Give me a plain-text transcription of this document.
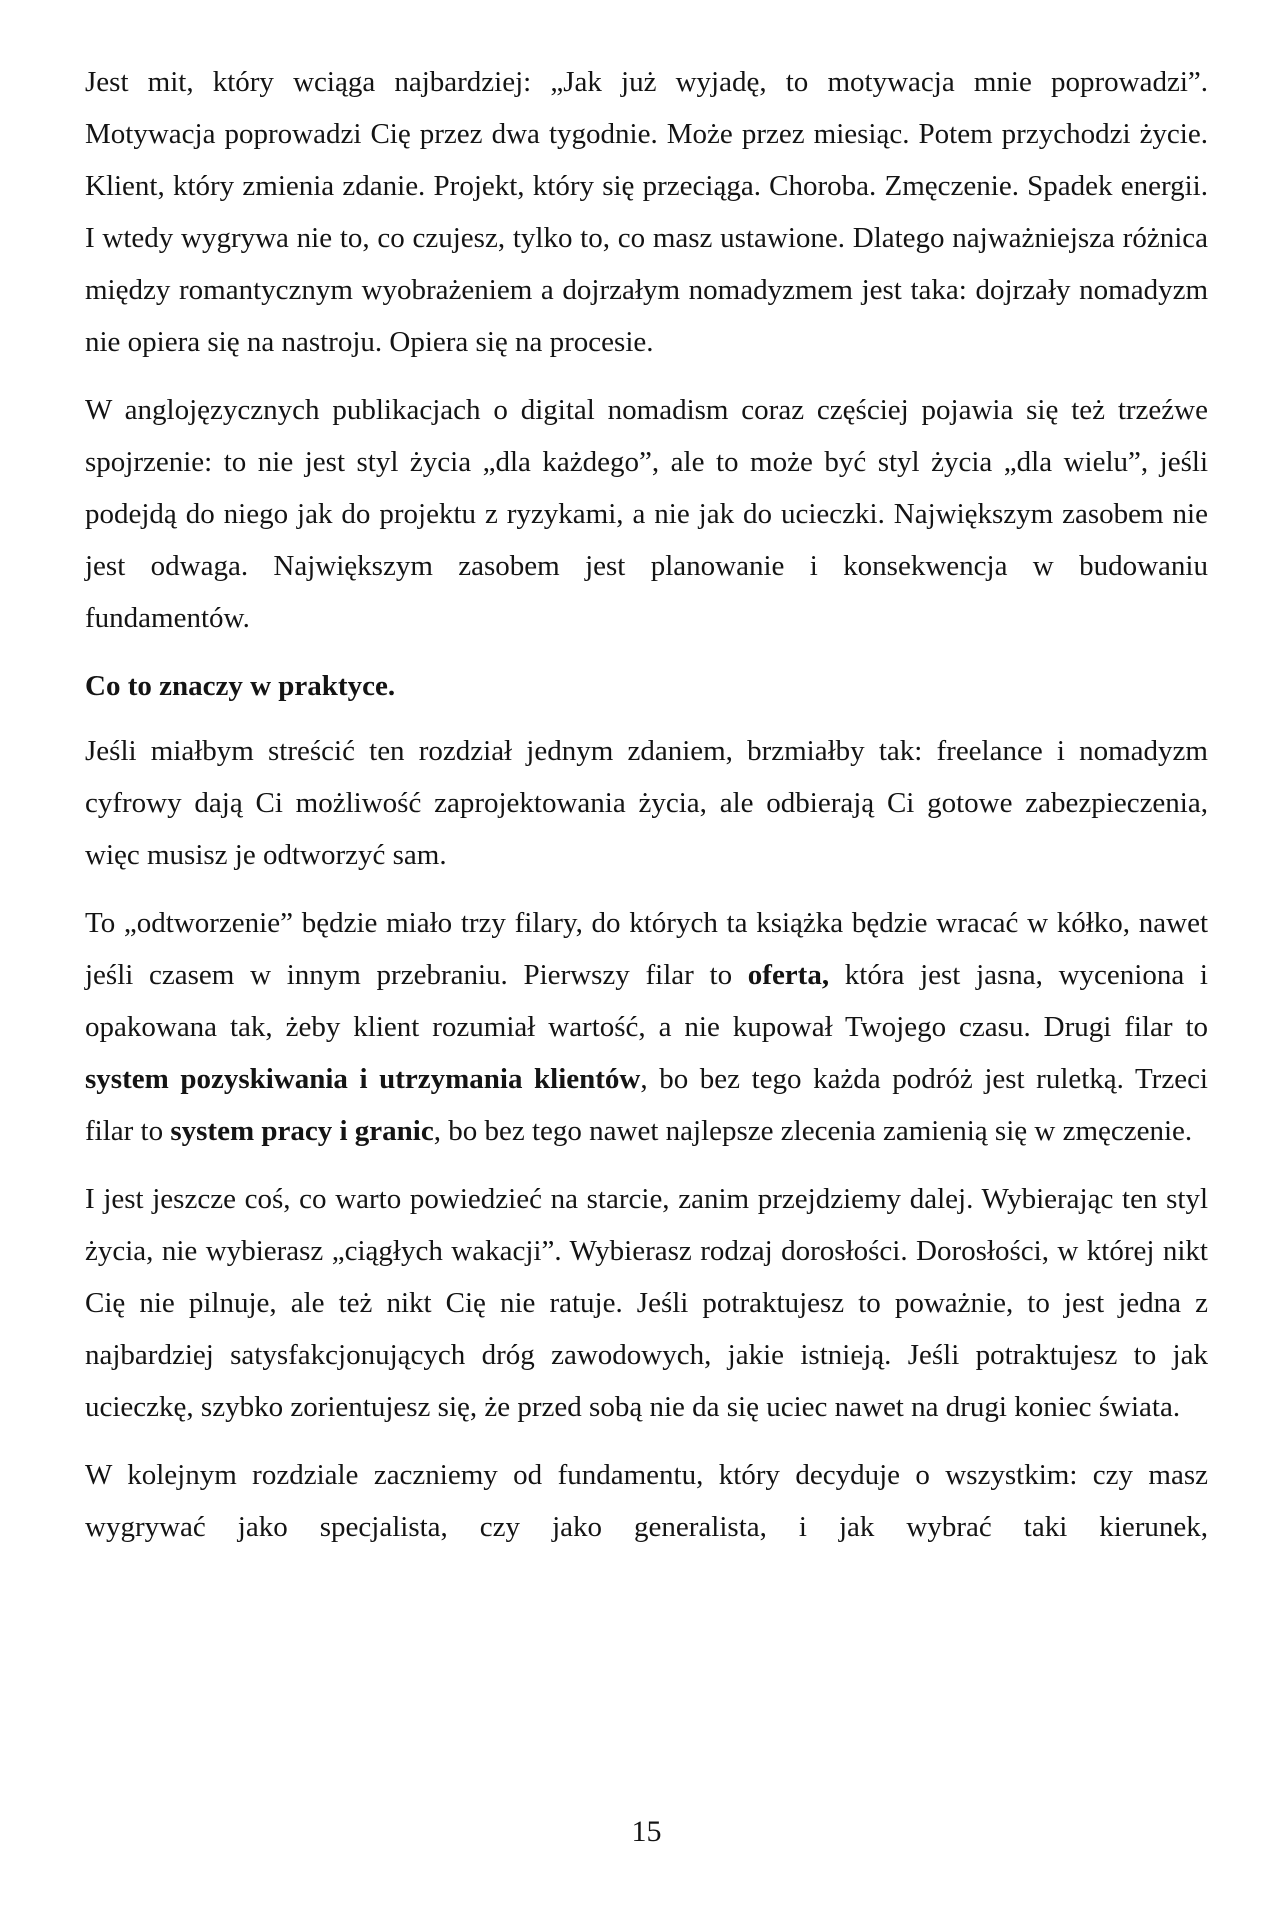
Jest mit, który wciąga najbardziej: „Jak już wyjadę, to motywacja mnie poprowadzi”. Motywacja poprowadzi Cię przez dwa tygodnie. Może przez miesiąc. Potem przychodzi życie. Klient, który zmienia zdanie. Projekt, który się przeciąga. Choroba. Zmęczenie. Spadek energii. I wtedy wygrywa nie to, co czujesz, tylko to, co masz ustawione. Dlatego najważniejsza różnica między romantycznym wyobrażeniem a dojrzałym nomadyzmem jest taka: dojrzały nomadyzm nie opiera się na nastroju. Opiera się na procesie.

W anglojęzycznych publikacjach o digital nomadism coraz częściej pojawia się też trzeźwe spojrzenie: to nie jest styl życia „dla każdego”, ale to może być styl życia „dla wielu”, jeśli podejdą do niego jak do projektu z ryzykami, a nie jak do ucieczki. Największym zasobem nie jest odwaga. Największym zasobem jest planowanie i konsekwencja w budowaniu fundamentów.

Co to znaczy w praktyce.

Jeśli miałbym streścić ten rozdział jednym zdaniem, brzmiałby tak: freelance i nomadyzm cyfrowy dają Ci możliwość zaprojektowania życia, ale odbierają Ci gotowe zabezpieczenia, więc musisz je odtworzyć sam.

To „odtworzenie” będzie miało trzy filary, do których ta książka będzie wracać w kółko, nawet jeśli czasem w innym przebraniu. Pierwszy filar to oferta, która jest jasna, wyceniona i opakowana tak, żeby klient rozumiał wartość, a nie kupował Twojego czasu. Drugi filar to system pozyskiwania i utrzymania klientów, bo bez tego każda podróż jest ruletką. Trzeci filar to system pracy i granic, bo bez tego nawet najlepsze zlecenia zamienią się w zmęczenie.

I jest jeszcze coś, co warto powiedzieć na starcie, zanim przejdziemy dalej. Wybierając ten styl życia, nie wybierasz „ciągłych wakacji”. Wybierasz rodzaj dorosłości. Dorosłości, w której nikt Cię nie pilnuje, ale też nikt Cię nie ratuje. Jeśli potraktujesz to poważnie, to jest jedna z najbardziej satysfakcjonujących dróg zawodowych, jakie istnieją. Jeśli potraktujesz to jak ucieczkę, szybko zorientujesz się, że przed sobą nie da się uciec nawet na drugi koniec świata.

W kolejnym rozdziale zaczniemy od fundamentu, który decyduje o wszystkim: czy masz wygrywać jako specjalista, czy jako generalista, i jak wybrać taki kierunek,

15
